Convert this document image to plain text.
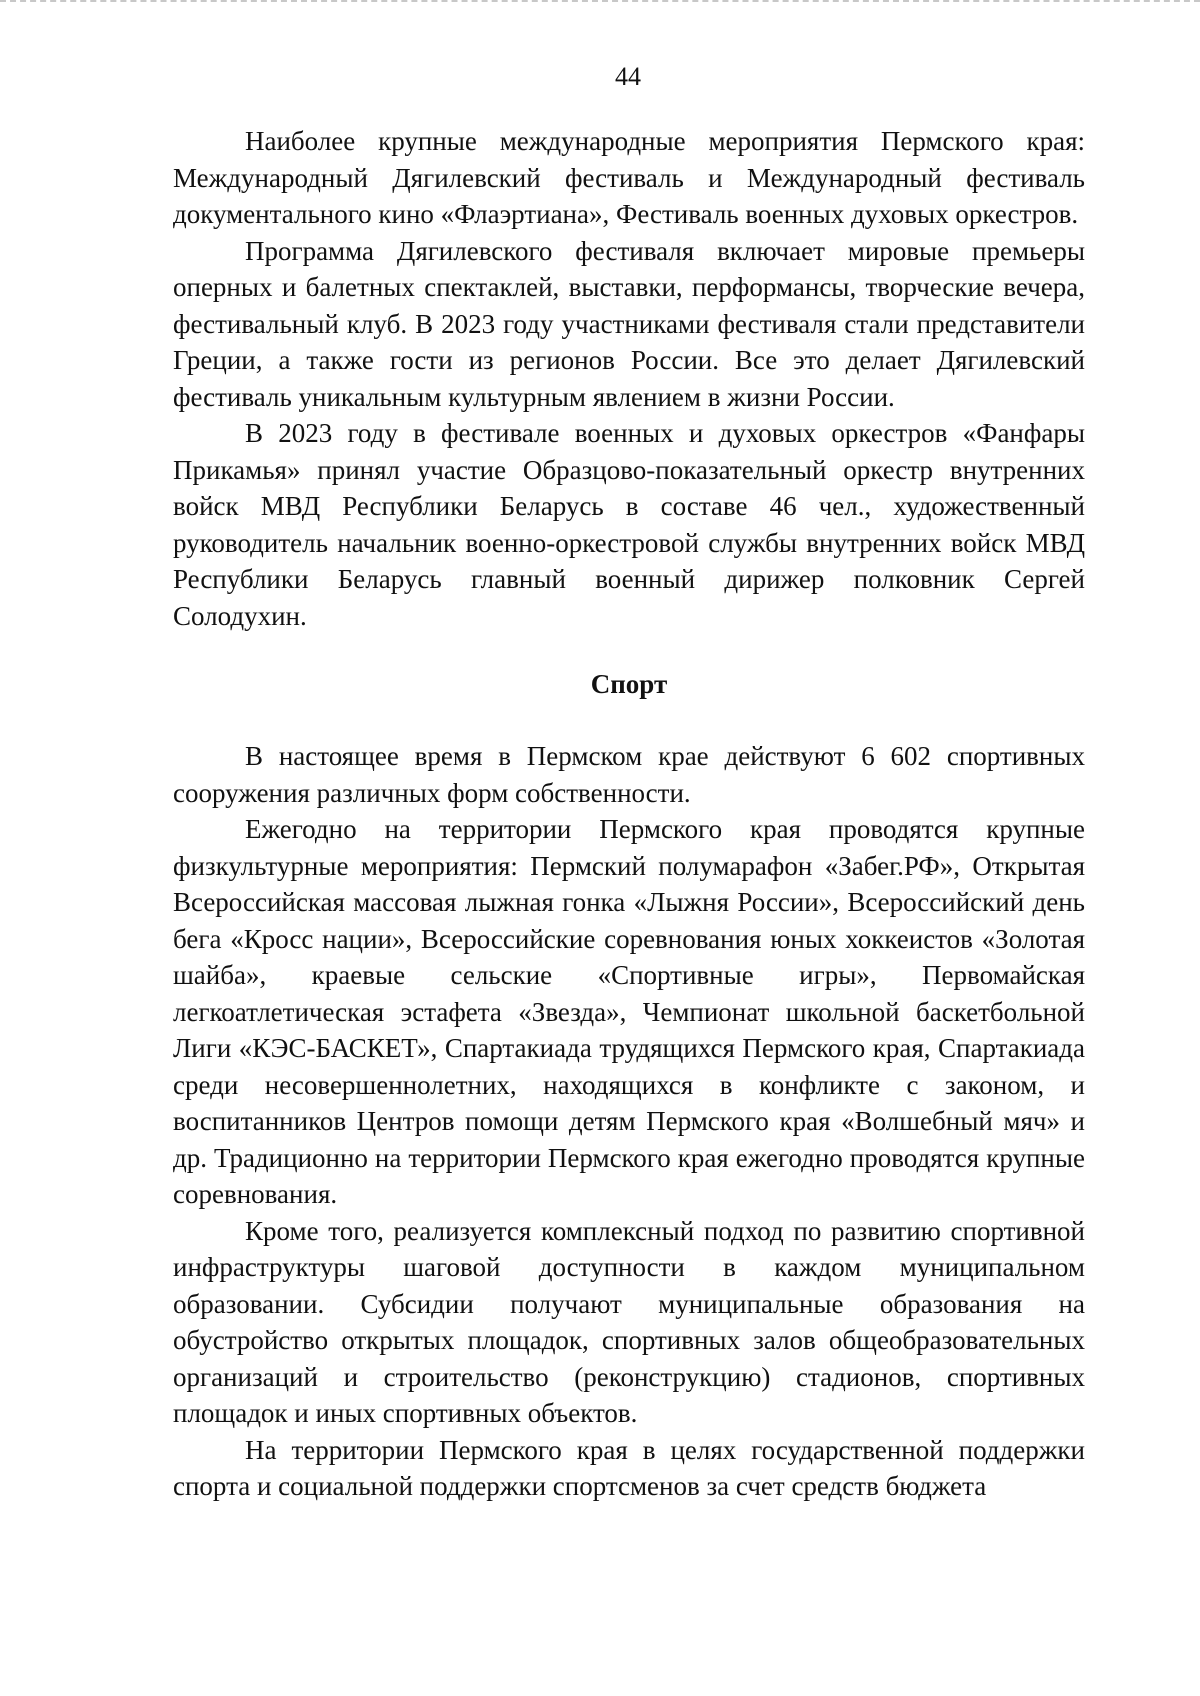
44

Наиболее крупные международные мероприятия Пермского края: Международный Дягилевский фестиваль и Международный фестиваль документального кино «Флаэртиана», Фестиваль военных духовых оркестров.

Программа Дягилевского фестиваля включает мировые премьеры оперных и балетных спектаклей, выставки, перформансы, творческие вечера, фестивальный клуб. В 2023 году участниками фестиваля стали представители Греции, а также гости из регионов России. Все это делает Дягилевский фестиваль уникальным культурным явлением в жизни России.

В 2023 году в фестивале военных и духовых оркестров «Фанфары Прикамья» принял участие Образцово-показательный оркестр внутренних войск МВД Республики Беларусь в составе 46 чел., художественный руководитель начальник военно-оркестровой службы внутренних войск МВД Республики Беларусь главный военный дирижер полковник Сергей Солодухин.

Спорт

В настоящее время в Пермском крае действуют 6 602 спортивных сооружения различных форм собственности.

Ежегодно на территории Пермского края проводятся крупные физкультурные мероприятия: Пермский полумарафон «Забег.РФ», Открытая Всероссийская массовая лыжная гонка «Лыжня России», Всероссийский день бега «Кросс нации», Всероссийские соревнования юных хоккеистов «Золотая шайба», краевые сельские «Спортивные игры», Первомайская легкоатлетическая эстафета «Звезда», Чемпионат школьной баскетбольной Лиги «КЭС-БАСКЕТ», Спартакиада трудящихся Пермского края, Спартакиада среди несовершеннолетних, находящихся в конфликте с законом, и воспитанников Центров помощи детям Пермского края «Волшебный мяч» и др. Традиционно на территории Пермского края ежегодно проводятся крупные соревнования.

Кроме того, реализуется комплексный подход по развитию спортивной инфраструктуры шаговой доступности в каждом муниципальном образовании. Субсидии получают муниципальные образования на обустройство открытых площадок, спортивных залов общеобразовательных организаций и строительство (реконструкцию) стадионов, спортивных площадок и иных спортивных объектов.

На территории Пермского края в целях государственной поддержки спорта и социальной поддержки спортсменов за счет средств бюджета
